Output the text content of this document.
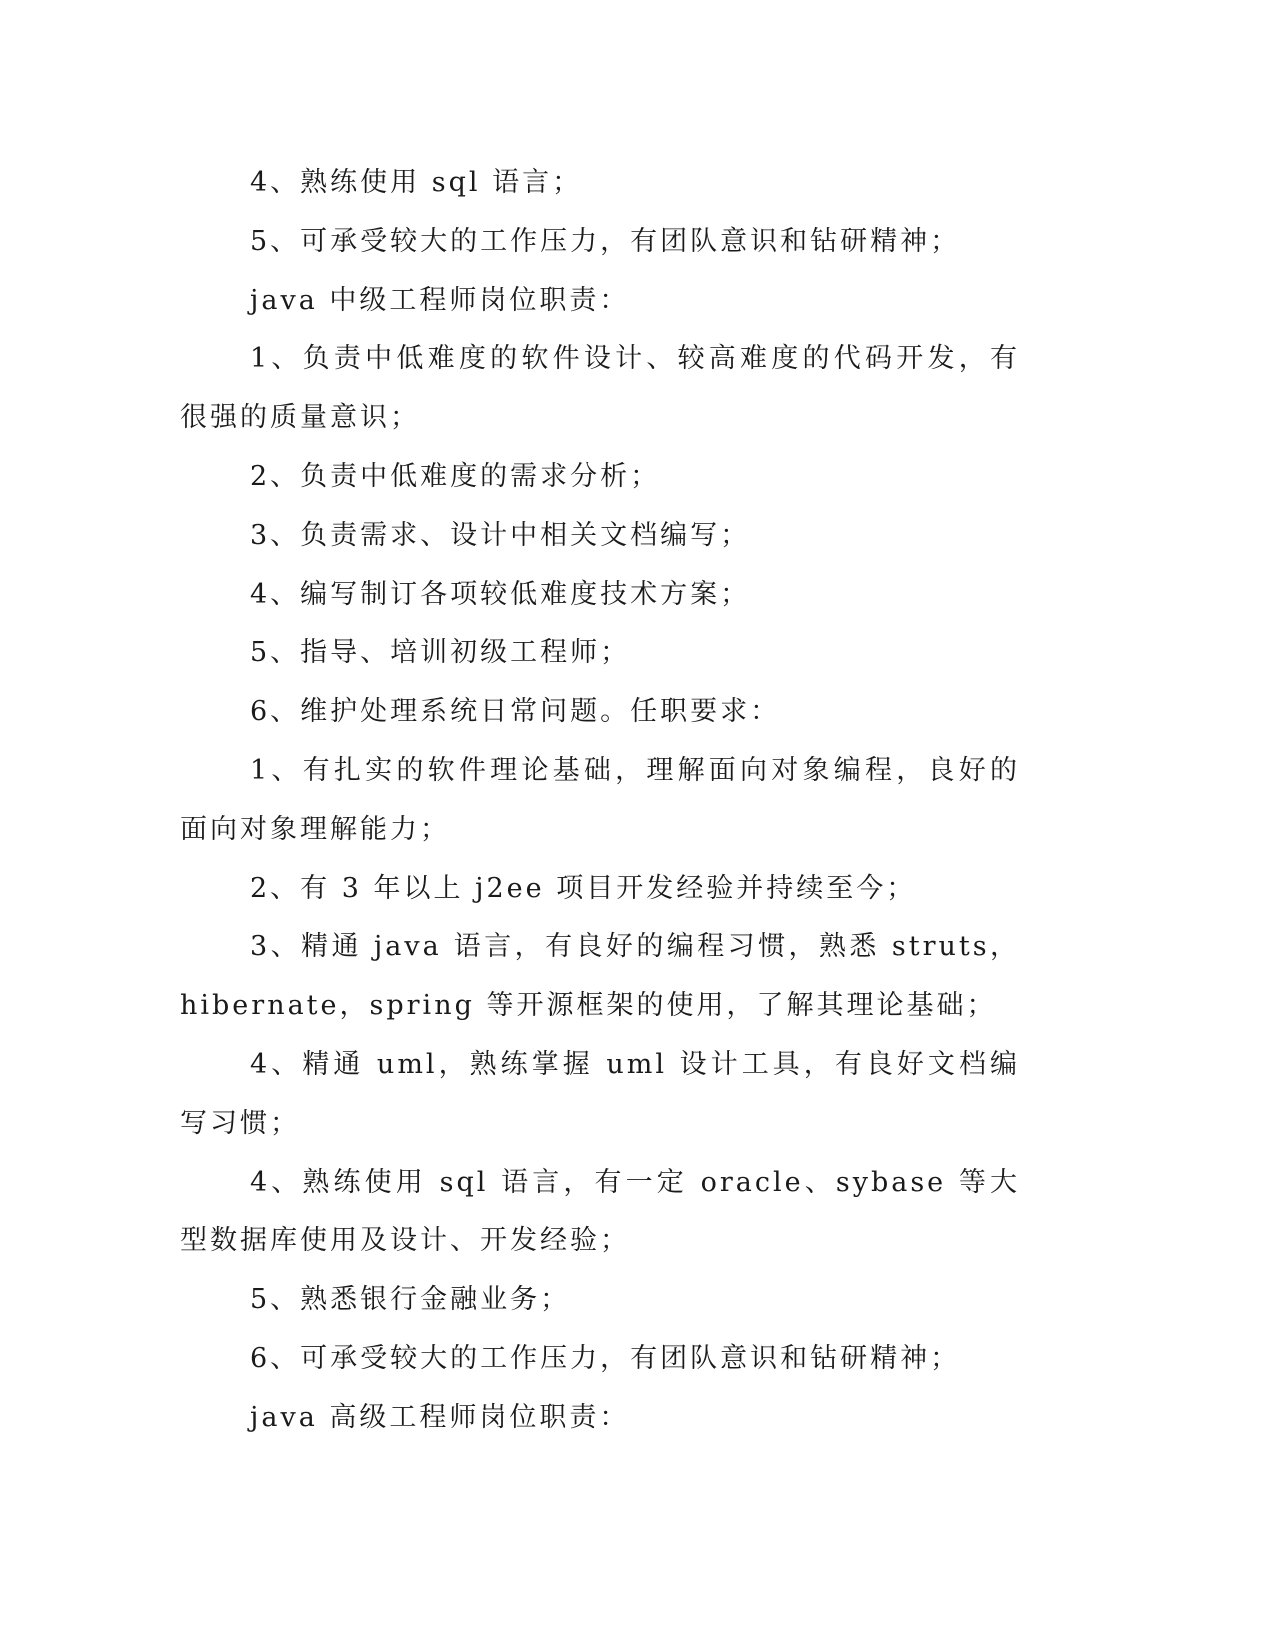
4、熟练使用 sql 语言；

5、可承受较大的工作压力，有团队意识和钻研精神；

java 中级工程师岗位职责：

1、负责中低难度的软件设计、较高难度的代码开发，有很强的质量意识；

2、负责中低难度的需求分析；

3、负责需求、设计中相关文档编写；

4、编写制订各项较低难度技术方案；

5、指导、培训初级工程师；

6、维护处理系统日常问题。任职要求：

1、有扎实的软件理论基础，理解面向对象编程，良好的面向对象理解能力；

2、有 3 年以上 j2ee 项目开发经验并持续至今；

3、精通 java 语言，有良好的编程习惯，熟悉 struts，hibernate，spring 等开源框架的使用，了解其理论基础；

4、精通 uml，熟练掌握 uml 设计工具，有良好文档编写习惯；

4、熟练使用 sql 语言，有一定 oracle、sybase 等大型数据库使用及设计、开发经验；

5、熟悉银行金融业务；

6、可承受较大的工作压力，有团队意识和钻研精神；

java 高级工程师岗位职责：
